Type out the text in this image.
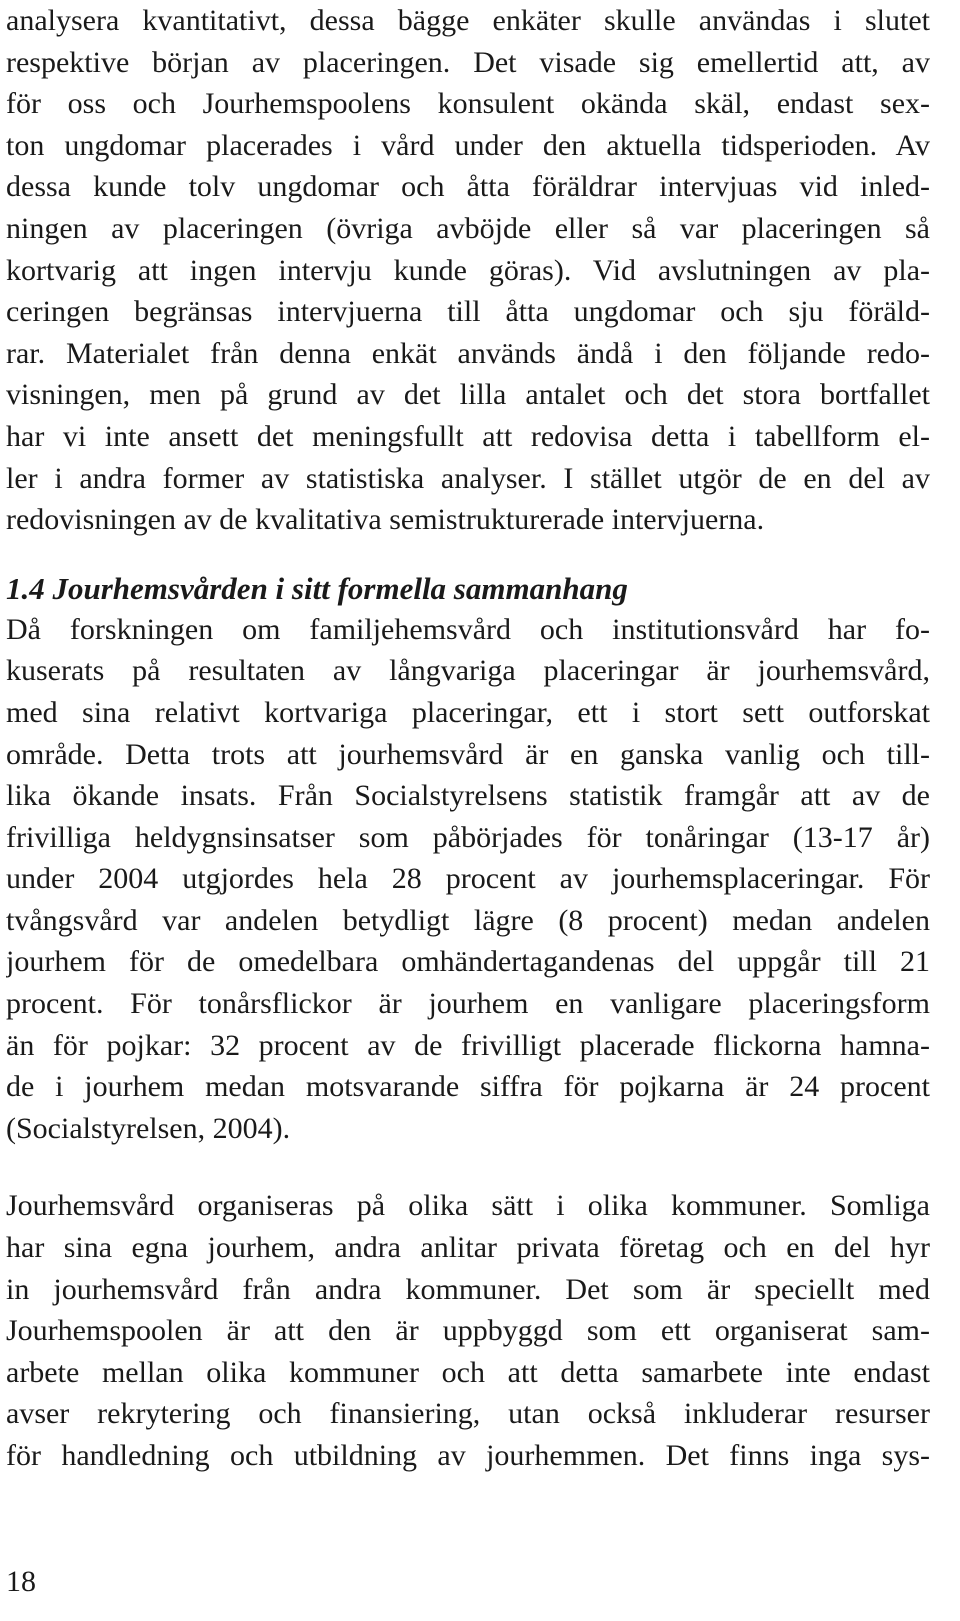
analysera kvantitativt, dessa bägge enkäter skulle användas i slutet
respektive början av placeringen. Det visade sig emellertid att, av
för oss och Jourhemspoolens konsulent okända skäl, endast sex-
ton ungdomar placerades i vård under den aktuella tidsperioden. Av
dessa kunde tolv ungdomar och åtta föräldrar intervjuas vid inled-
ningen av placeringen (övriga avböjde eller så var placeringen så
kortvarig att ingen intervju kunde göras). Vid avslutningen av pla-
ceringen begränsas intervjuerna till åtta ungdomar och sju föräld-
rar. Materialet från denna enkät används ändå i den följande redo-
visningen, men på grund av det lilla antalet och det stora bortfallet
har vi inte ansett det meningsfullt att redovisa detta i tabellform el-
ler i andra former av statistiska analyser. I stället utgör de en del av
redovisningen av de kvalitativa semistrukturerade intervjuerna.
1.4 Jourhemsvården i sitt formella sammanhang
Då forskningen om familjehemsvård och institutionsvård har fo-
kuserats på resultaten av långvariga placeringar är jourhemsvård,
med sina relativt kortvariga placeringar, ett i stort sett outforskat
område. Detta trots att jourhemsvård är en ganska vanlig och till-
lika ökande insats. Från Socialstyrelsens statistik framgår att av de
frivilliga heldygnsinsatser som påbörjades för tonåringar (13-17 år)
under 2004 utgjordes hela 28 procent av jourhemsplaceringar. För
tvångsvård var andelen betydligt lägre (8 procent) medan andelen
jourhem för de omedelbara omhändertagandenas del uppgår till 21
procent. För tonårsflickor är jourhem en vanligare placeringsform
än för pojkar: 32 procent av de frivilligt placerade flickorna hamna-
de i jourhem medan motsvarande siffra för pojkarna är 24 procent
(Socialstyrelsen, 2004).
Jourhemsvård organiseras på olika sätt i olika kommuner. Somliga
har sina egna jourhem, andra anlitar privata företag och en del hyr
in jourhemsvård från andra kommuner. Det som är speciellt med
Jourhemspoolen är att den är uppbyggd som ett organiserat sam-
arbete mellan olika kommuner och att detta samarbete inte endast
avser rekrytering och finansiering, utan också inkluderar resurser
för handledning och utbildning av jourhemmen. Det finns inga sys-
18
